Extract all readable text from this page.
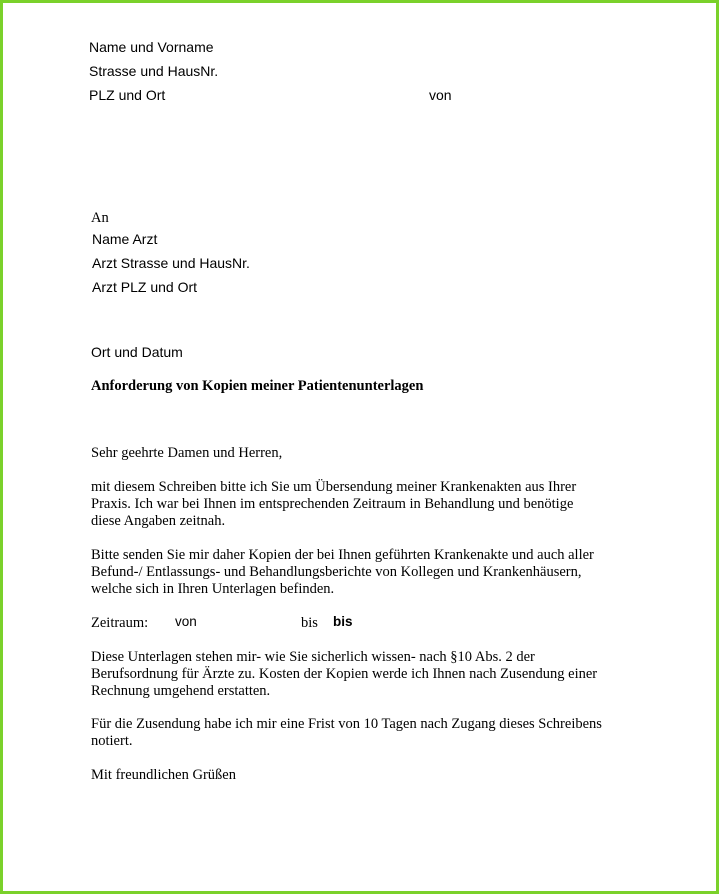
Name und Vorname
Strasse und HausNr.
PLZ und Ort	von
An
Name Arzt
Arzt Strasse und HausNr.
Arzt PLZ und Ort
Ort und Datum
Anforderung von Kopien meiner Patientenunterlagen
Sehr geehrte Damen und Herren,
mit diesem Schreiben bitte ich Sie um Übersendung meiner Krankenakten aus Ihrer
Praxis. Ich war bei Ihnen im entsprechenden Zeitraum in Behandlung und benötige
diese Angaben zeitnah.
Bitte senden Sie mir daher Kopien der bei Ihnen geführten Krankenakte und auch aller
Befund-/ Entlassungs- und Behandlungsberichte von Kollegen und Krankenhäusern,
welche sich in Ihren Unterlagen befinden.
Zeitraum: von	bis bis
Diese Unterlagen stehen mir- wie Sie sicherlich wissen- nach §10 Abs. 2 der
Berufsordnung für Ärzte zu. Kosten der Kopien werde ich Ihnen nach Zusendung einer
Rechnung umgehend erstatten.
Für die Zusendung habe ich mir eine Frist von 10 Tagen nach Zugang dieses Schreibens
notiert.
Mit freundlichen Grüßen
